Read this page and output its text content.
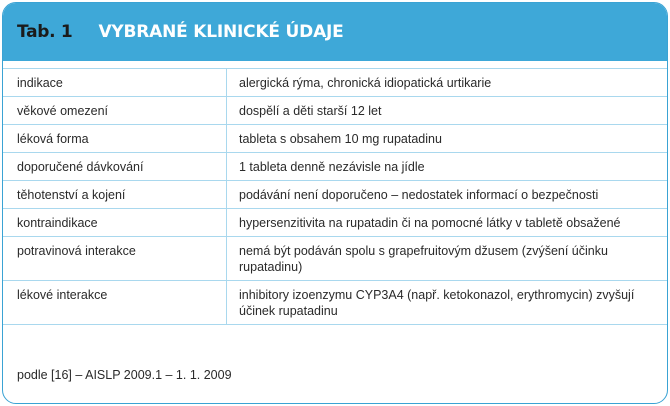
Tab. 1 VYBRANÉ KLINICKÉ ÚDAJE
indikace	alergická rýma, chronická idiopatická urtikarie
věkové omezení	dospělí a děti starší 12 let
léková forma	tableta s obsahem 10 mg rupatadinu
doporučené dávkování	1 tableta denně nezávisle na jídle
těhotenství a kojení	podávání není doporučeno – nedostatek informací o bezpečnosti
kontraindikace	hypersenzitivita na rupatadin či na pomocné látky v tabletě obsažené
potravinová interakce	nemá být podáván spolu s grapefruitovým džusem (zvýšení účinku rupatadinu)
lékové interakce	inhibitory izoenzymu CYP3A4 (např. ketokonazol, erythromycin) zvyšují účinek rupatadinu
podle [16] – AISLP 2009.1 – 1. 1. 2009
